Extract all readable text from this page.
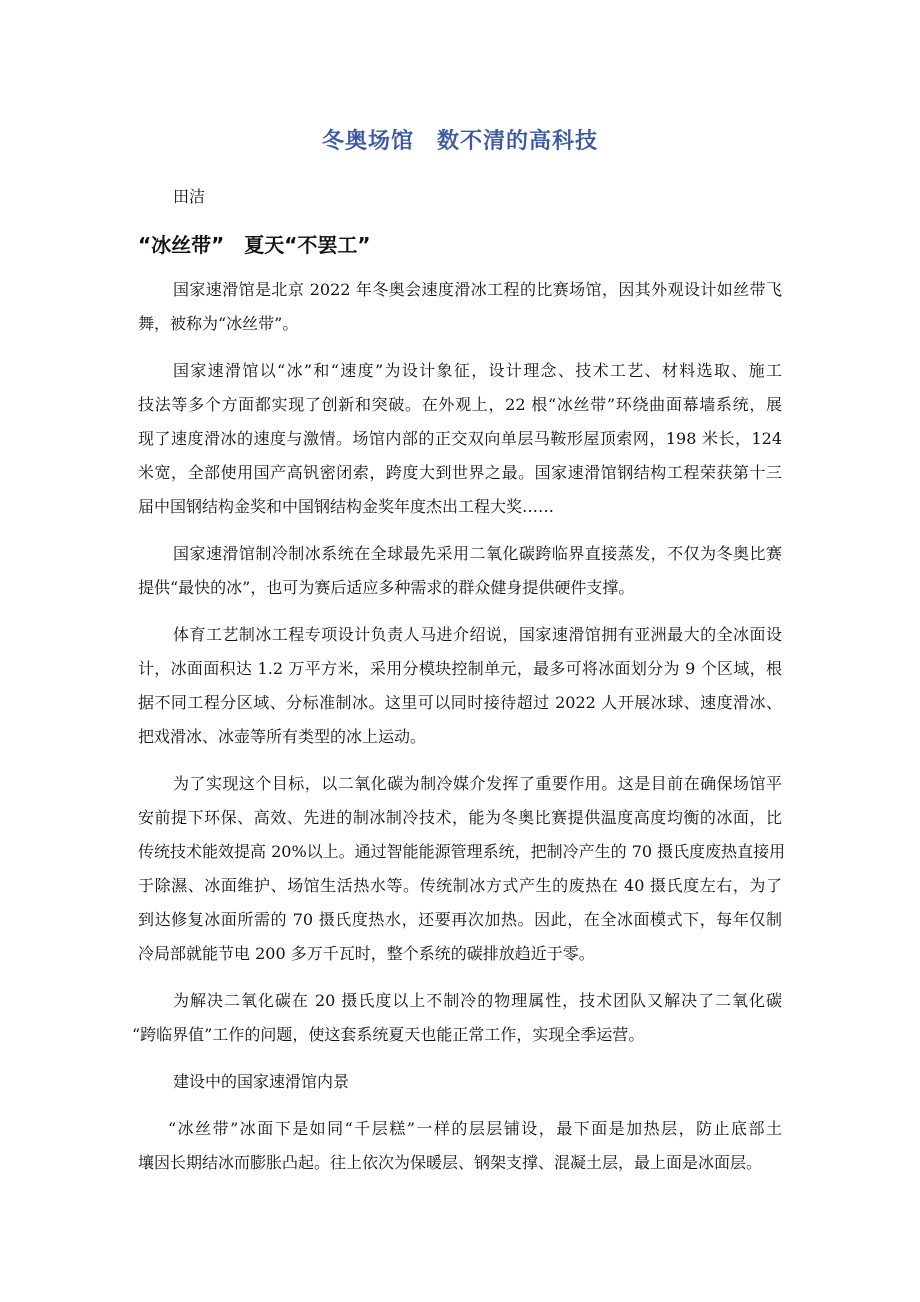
冬奥场馆　数不清的高科技
田洁
“冰丝带”　夏天“不罢工”
国家速滑馆是北京 2022 年冬奥会速度滑冰工程的比赛场馆，因其外观设计如丝带飞
舞，被称为“冰丝带”。
国家速滑馆以“冰”和“速度”为设计象征，设计理念、技术工艺、材料选取、施工
技法等多个方面都实现了创新和突破。在外观上，22 根“冰丝带”环绕曲面幕墙系统，展
现了速度滑冰的速度与激情。场馆内部的正交双向单层马鞍形屋顶索网，198 米长，124
米宽，全部使用国产高钒密闭索，跨度大到世界之最。国家速滑馆钢结构工程荣获第十三
届中国钢结构金奖和中国钢结构金奖年度杰出工程大奖……
国家速滑馆制冷制冰系统在全球最先采用二氧化碳跨临界直接蒸发，不仅为冬奥比赛
提供“最快的冰”，也可为赛后适应多种需求的群众健身提供硬件支撑。
体育工艺制冰工程专项设计负责人马进介绍说，国家速滑馆拥有亚洲最大的全冰面设
计，冰面面积达 1.2 万平方米，采用分模块控制单元，最多可将冰面划分为 9 个区域，根
据不同工程分区域、分标准制冰。这里可以同时接待超过 2022 人开展冰球、速度滑冰、
把戏滑冰、冰壶等所有类型的冰上运动。
为了实现这个目标，以二氧化碳为制冷媒介发挥了重要作用。这是目前在确保场馆平
安前提下环保、高效、先进的制冰制冷技术，能为冬奥比赛提供温度高度均衡的冰面，比
传统技术能效提高 20%以上。通过智能能源管理系统，把制冷产生的 70 摄氏度废热直接用
于除濕、冰面维护、场馆生活热水等。传统制冰方式产生的废热在 40 摄氏度左右，为了
到达修复冰面所需的 70 摄氏度热水，还要再次加热。因此，在全冰面模式下，每年仅制
冷局部就能节电 200 多万千瓦时，整个系统的碳排放趋近于零。
为解决二氧化碳在 20 摄氏度以上不制冷的物理属性，技术团队又解决了二氧化碳
“跨临界值”工作的问题，使这套系统夏天也能正常工作，实现全季运营。
建设中的国家速滑馆内景
“冰丝带”冰面下是如同“千层糕”一样的层层铺设，最下面是加热层，防止底部土
壤因长期结冰而膨胀凸起。往上依次为保暖层、钢架支撑、混凝土层，最上面是冰面层。
